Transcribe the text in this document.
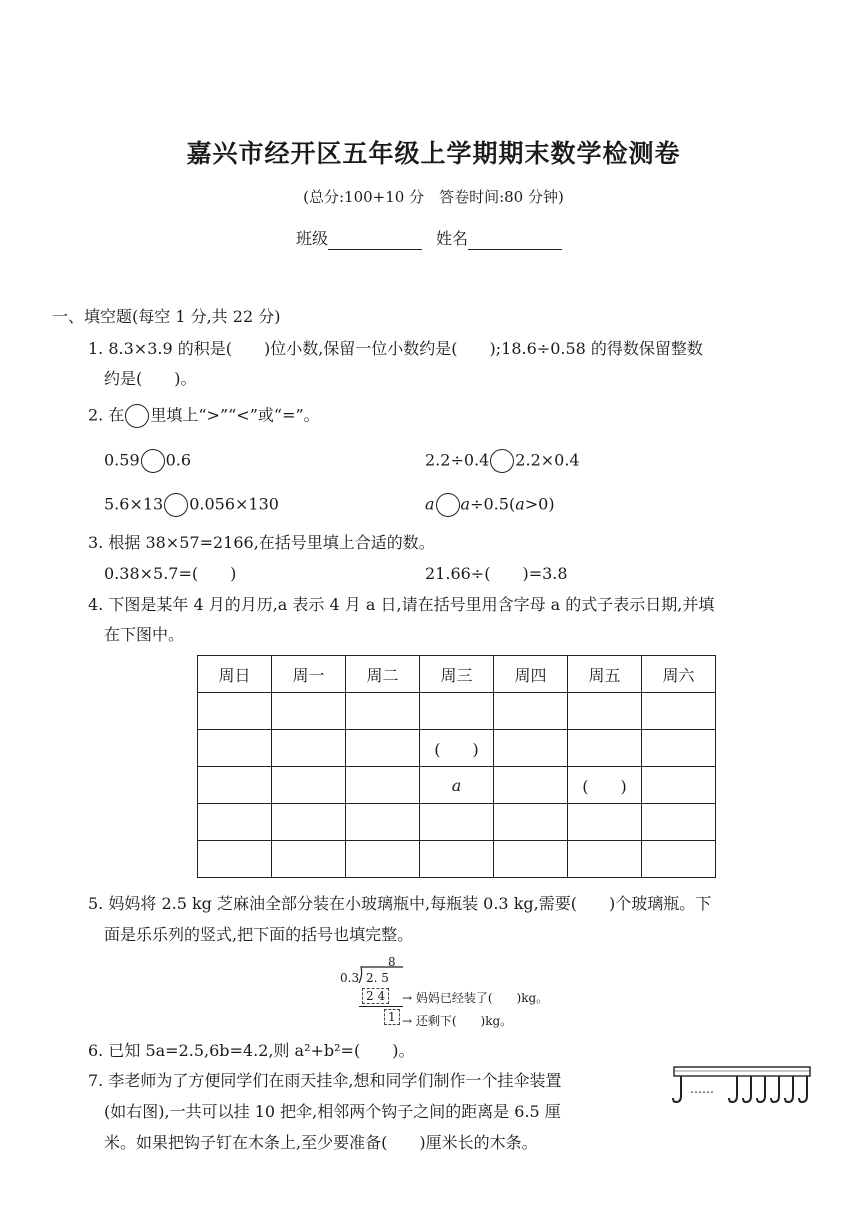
嘉兴市经开区五年级上学期期末数学检测卷
(总分:100+10 分　答卷时间:80 分钟)
班级	姓名
一、填空题(每空 1 分,共 22 分)
1. 8.3×3.9 的积是(　　)位小数,保留一位小数约是(　　);18.6÷0.58 的得数保留整数
约是(　　)。
2. 在 里填上“>”“<”或“=”。
0.59 0.6	2.2÷0.4 2.2×0.4
5.6×13 0.056×130	a a÷0.5(a>0)
3. 根据 38×57=2166,在括号里填上合适的数。
0.38×5.7=(　　)	21.66÷(　　)=3.8
4. 下图是某年 4 月的月历,a 表示 4 月 a 日,请在括号里用含字母 a 的式子表示日期,并填
在下图中。
周日	周一	周二	周三	周四	周五	周六

			(　　)			
			a		(　　)	

5. 妈妈将 2.5 kg 芝麻油全部分装在小玻璃瓶中,每瓶装 0.3 kg,需要(　　)个玻璃瓶。下
面是乐乐列的竖式,把下面的括号也填完整。
8
0.3 2. 5
2 4
1
→ 妈妈已经装了(　　)kg。
→ 还剩下(　　)kg。
6. 已知 5a=2.5,6b=4.2,则 a²+b²=(　　)。
7. 李老师为了方便同学们在雨天挂伞,想和同学们制作一个挂伞装置
(如右图),一共可以挂 10 把伞,相邻两个钩子之间的距离是 6.5 厘
米。如果把钩子钉在木条上,至少要准备(　　)厘米长的木条。
……
